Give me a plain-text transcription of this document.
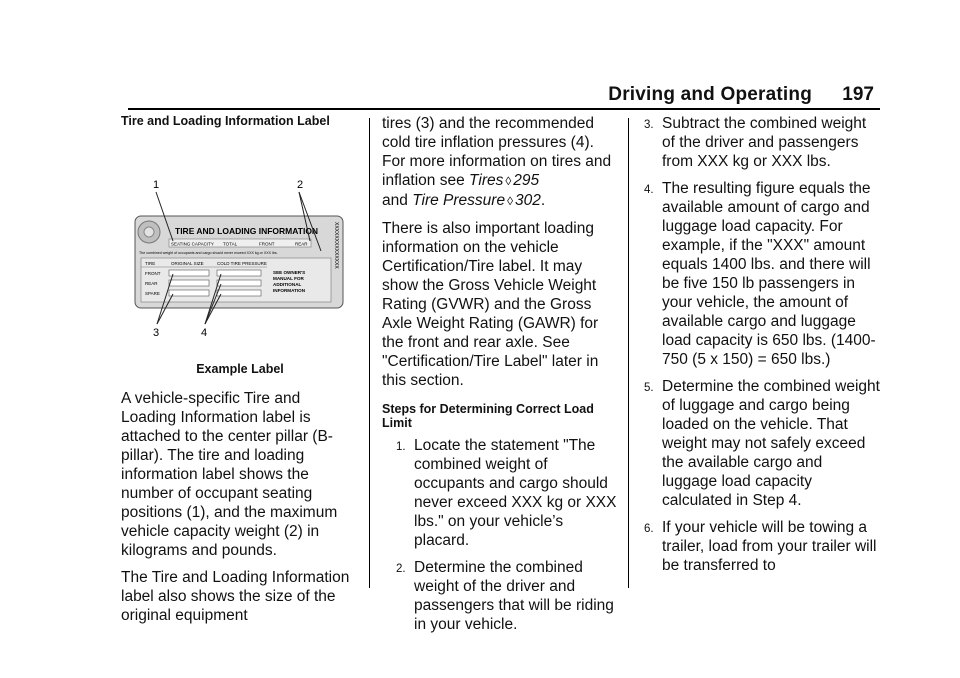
Driving and Operating 197
Tire and Loading Information Label
1	2
3	4
TIRE AND LOADING INFORMATION
SEATING CAPACITY TOTAL	FRONT	REAR
The combined weight of occupants and cargo should never exceed XXX kg or XXX lbs.
TIRE	ORIGINAL SIZE	COLD TIRE PRESSURE
FRONT
REAR
SPARE
SEE OWNER'S
MANUAL FOR
ADDITIONAL
INFORMATION
XXXXXXXXXXXXXX
Example Label

A vehicle-specific Tire and Loading Information label is attached to the center pillar (B-pillar). The tire and loading information label shows the number of occupant seating positions (1), and the maximum vehicle capacity weight (2) in kilograms and pounds.

The Tire and Loading Information label also shows the size of the original equipment

tires (3) and the recommended cold tire inflation pressures (4). For more information on tires and inflation see Tires ◊ 295
and Tire Pressure ◊ 302.

There is also important loading information on the vehicle Certification/Tire label. It may show the Gross Vehicle Weight Rating (GVWR) and the Gross Axle Weight Rating (GAWR) for the front and rear axle. See "Certification/Tire Label" later in this section.

Steps for Determining Correct Load Limit
1. Locate the statement "The combined weight of occupants and cargo should never exceed XXX kg or XXX lbs." on your vehicle’s placard.
2. Determine the combined weight of the driver and passengers that will be riding in your vehicle.
3. Subtract the combined weight of the driver and passengers from XXX kg or XXX lbs.
4. The resulting figure equals the available amount of cargo and luggage load capacity. For example, if the "XXX" amount equals 1400 lbs. and there will be five 150 lb passengers in your vehicle, the amount of available cargo and luggage load capacity is 650 lbs. (1400-750 (5 x 150) = 650 lbs.)
5. Determine the combined weight of luggage and cargo being loaded on the vehicle. That weight may not safely exceed the available cargo and luggage load capacity calculated in Step 4.
6. If your vehicle will be towing a trailer, load from your trailer will be transferred to
